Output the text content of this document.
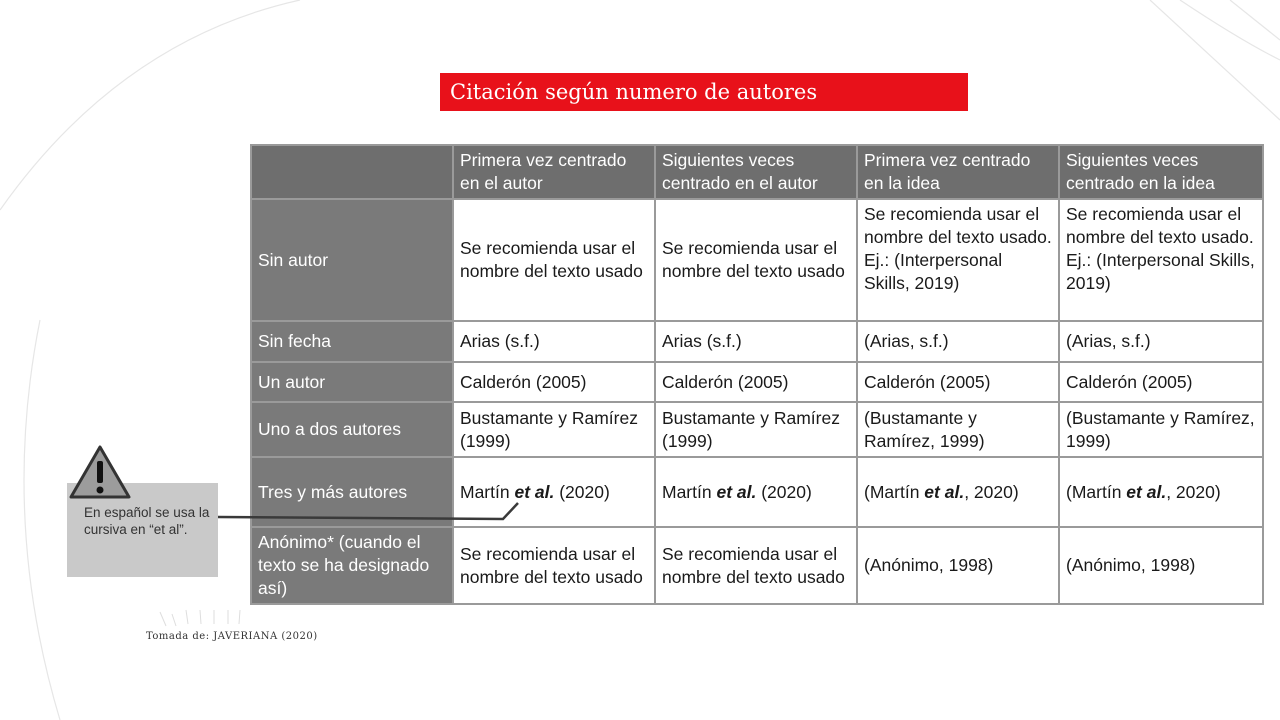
Citación según numero de autores
	Primera vez centrado en el autor	Siguientes veces centrado en el autor	Primera vez centrado en la idea	Siguientes veces centrado en la idea
Sin autor	Se recomienda usar el nombre del texto usado	Se recomienda usar el nombre del texto usado	Se recomienda usar el nombre del texto usado. Ej.: (Interpersonal Skills, 2019)	Se recomienda usar el nombre del texto usado. Ej.: (Interpersonal Skills, 2019)
Sin fecha	Arias (s.f.)	Arias (s.f.)	(Arias, s.f.)	(Arias, s.f.)
Un autor	Calderón (2005)	Calderón (2005)	Calderón (2005)	Calderón (2005)
Uno a dos autores	Bustamante y Ramírez (1999)	Bustamante y Ramírez (1999)	(Bustamante y Ramírez, 1999)	(Bustamante y Ramírez, 1999)
Tres y más autores	Martín et al. (2020)	Martín et al. (2020)	(Martín et al., 2020)	(Martín et al., 2020)
Anónimo* (cuando el texto se ha designado así)	Se recomienda usar el nombre del texto usado	Se recomienda usar el nombre del texto usado	(Anónimo, 1998)	(Anónimo, 1998)
En español se usa la cursiva en “et al”.
Tomada de: JAVERIANA (2020)
